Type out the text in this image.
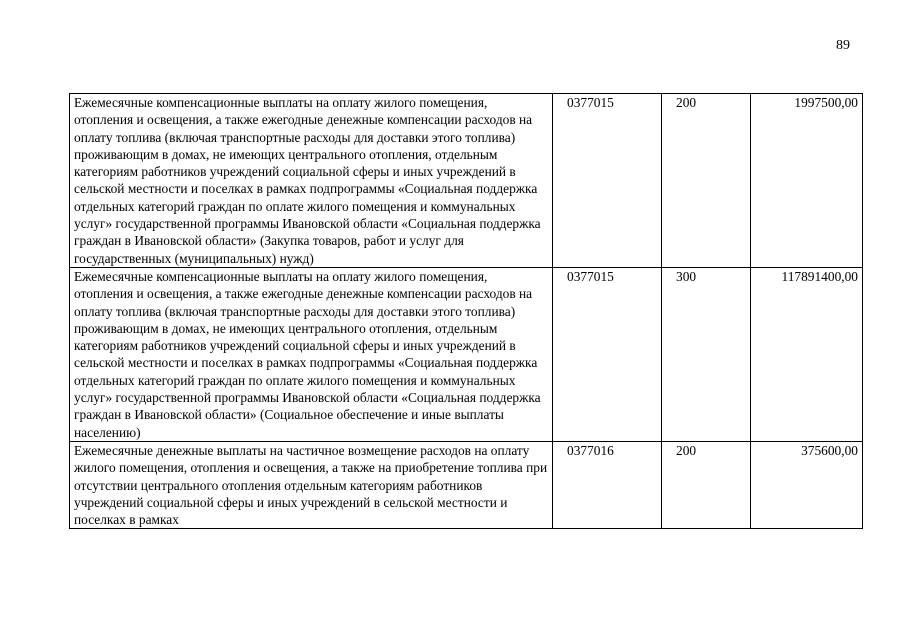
89
Ежемесячные компенсационные выплаты на оплату жилого помещения, отопления и освещения, а также ежегодные денежные компенсации расходов на оплату топлива (включая транспортные расходы для доставки этого топлива) проживающим в домах, не имеющих центрального отопления, отдельным категориям работников учреждений социальной сферы и иных учреждений в сельской местности и поселках в рамках подпрограммы «Социальная поддержка отдельных категорий граждан по оплате жилого помещения и коммунальных услуг» государственной программы Ивановской области «Социальная поддержка граждан в Ивановской области» (Закупка товаров, работ и услуг для государственных (муниципальных) нужд)	0377015	200	1997500,00
Ежемесячные компенсационные выплаты на оплату жилого помещения, отопления и освещения, а также ежегодные денежные компенсации расходов на оплату топлива (включая транспортные расходы для доставки этого топлива) проживающим в домах, не имеющих центрального отопления, отдельным категориям работников учреждений социальной сферы и иных учреждений в сельской местности и поселках в рамках подпрограммы «Социальная поддержка отдельных категорий граждан по оплате жилого помещения и коммунальных услуг» государственной программы Ивановской области «Социальная поддержка граждан в Ивановской области» (Социальное обеспечение и иные выплаты населению)	0377015	300	117891400,00
Ежемесячные денежные выплаты на частичное возмещение расходов на оплату жилого помещения, отопления и освещения, а также на приобретение топлива при отсутствии центрального отопления отдельным категориям работников учреждений социальной сферы и иных учреждений в сельской местности и поселках в рамках	0377016	200	375600,00
